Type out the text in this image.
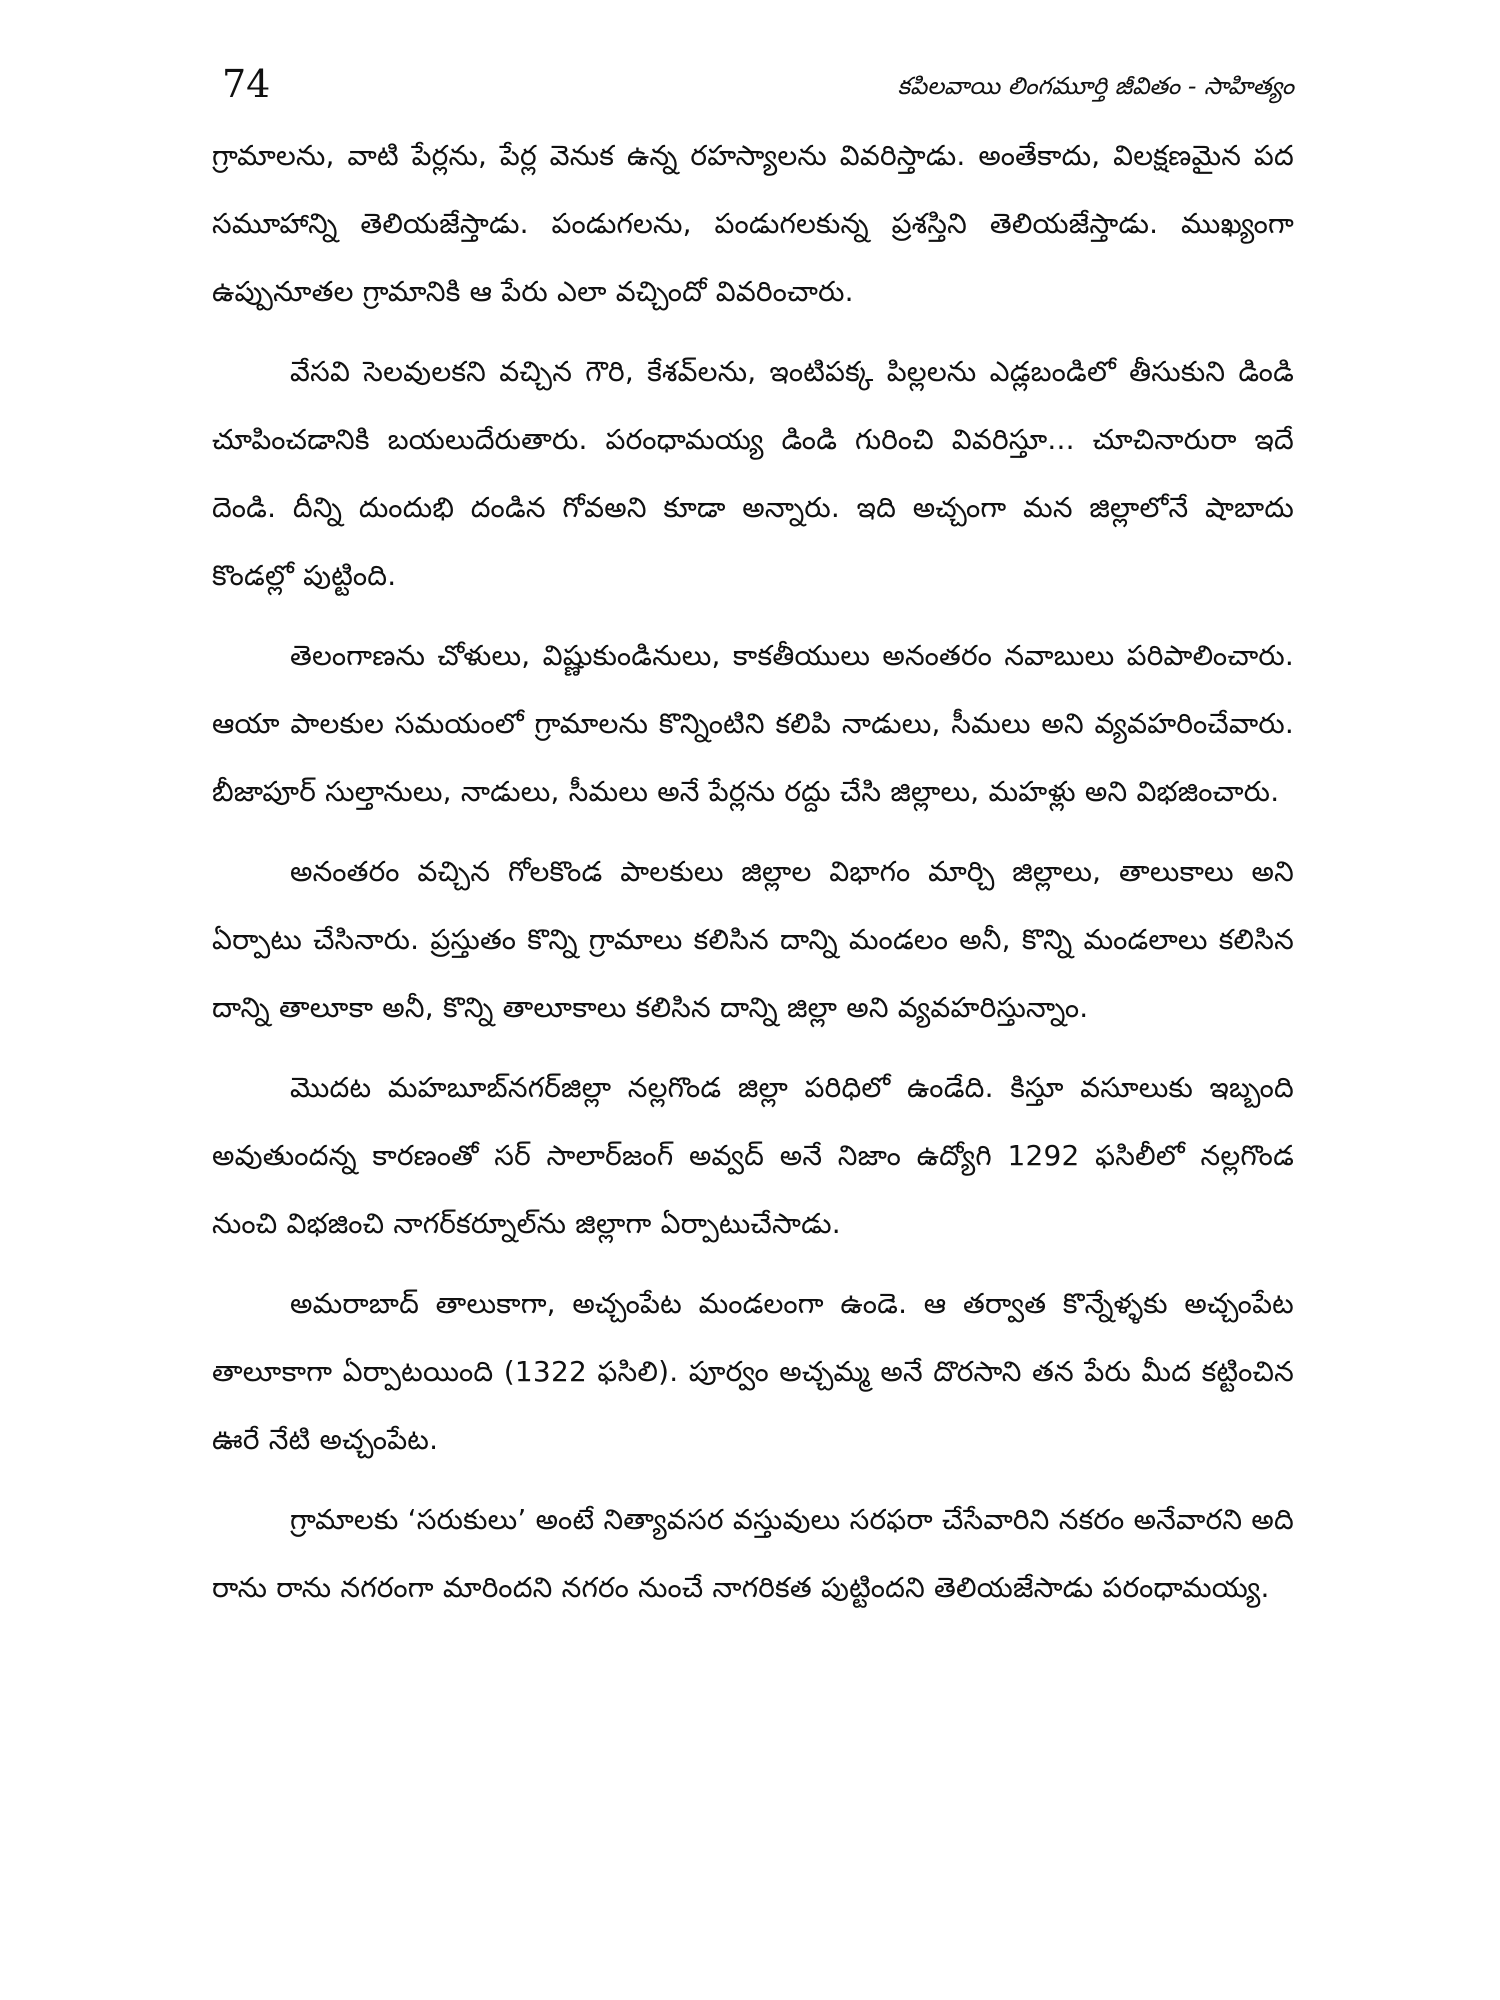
74	కపిలవాయి లింగమూర్తి జీవితం - సాహిత్యం

గ్రామాలను, వాటి పేర్లను, పేర్ల వెనుక ఉన్న రహస్యాలను వివరిస్తాడు. అంతేకాదు, విలక్షణమైన పద సమూహాన్ని తెలియజేస్తాడు. పండుగలను, పండుగలకున్న ప్రశస్తిని తెలియజేస్తాడు. ముఖ్యంగా ఉప్పునూతల గ్రామానికి ఆ పేరు ఎలా వచ్చిందో వివరించారు.

వేసవి సెలవులకని వచ్చిన గౌరి, కేశవ్‌లను, ఇంటిపక్క పిల్లలను ఎడ్లబండిలో తీసుకుని డిండి చూపించడానికి బయలుదేరుతారు. పరంధామయ్య డిండి గురించి వివరిస్తూ... చూచినారురా ఇదే దెండి. దీన్ని దుందుభి దండిన గోవఅని కూడా అన్నారు. ఇది అచ్చంగా మన జిల్లాలోనే షాబాదు కొండల్లో పుట్టింది.

తెలంగాణను చోళులు, విష్ణుకుండినులు, కాకతీయులు అనంతరం నవాబులు పరిపాలించారు. ఆయా పాలకుల సమయంలో గ్రామాలను కొన్నింటిని కలిపి నాడులు, సీమలు అని వ్యవహరించేవారు. బీజాపూర్ సుల్తానులు, నాడులు, సీమలు అనే పేర్లను రద్దు చేసి జిల్లాలు, మహళ్లు అని విభజించారు.

అనంతరం వచ్చిన గోలకొండ పాలకులు జిల్లాల విభాగం మార్చి జిల్లాలు, తాలుకాలు అని ఏర్పాటు చేసినారు. ప్రస్తుతం కొన్ని గ్రామాలు కలిసిన దాన్ని మండలం అనీ, కొన్ని మండలాలు కలిసిన దాన్ని తాలూకా అనీ, కొన్ని తాలూకాలు కలిసిన దాన్ని జిల్లా అని వ్యవహరిస్తున్నాం.

మొదట మహబూబ్‌నగర్‌జిల్లా నల్లగొండ జిల్లా పరిధిలో ఉండేది. కిస్తూ వసూలుకు ఇబ్బంది అవుతుందన్న కారణంతో సర్ సాలార్‌జంగ్ అవ్వద్ అనే నిజాం ఉద్యోగి 1292 ఫసిలీలో నల్లగొండ నుంచి విభజించి నాగర్‌కర్నూల్‌ను జిల్లాగా ఏర్పాటుచేసాడు.

అమరాబాద్ తాలుకాగా, అచ్చంపేట మండలంగా ఉండె. ఆ తర్వాత కొన్నేళ్ళకు అచ్చంపేట తాలూకాగా ఏర్పాటయింది (1322 ఫసిలి). పూర్వం అచ్చమ్మ అనే దొరసాని తన పేరు మీద కట్టించిన ఊరే నేటి అచ్చంపేట.

గ్రామాలకు ‘సరుకులు’ అంటే నిత్యావసర వస్తువులు సరఫరా చేసేవారిని నకరం అనేవారని అది రాను రాను నగరంగా మారిందని నగరం నుంచే నాగరికత పుట్టిందని తెలియజేసాడు పరంధామయ్య.
